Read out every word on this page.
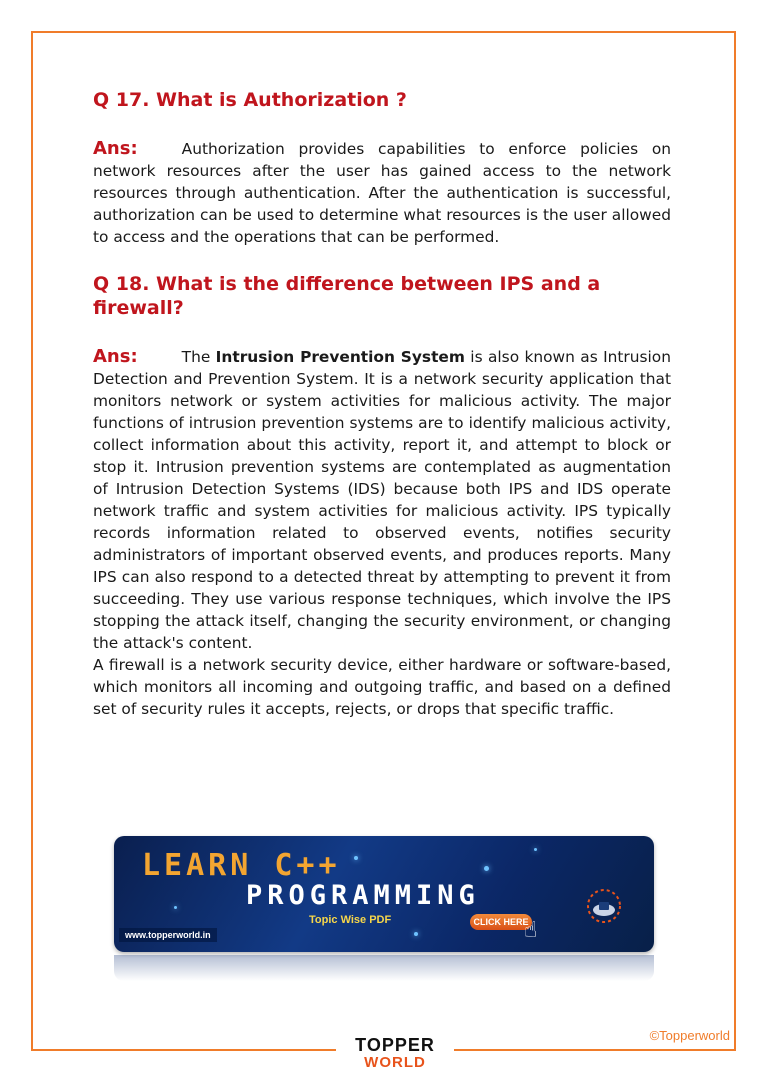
Q 17. What is Authorization ?

Ans:	Authorization provides capabilities to enforce policies on network resources after the user has gained access to the network resources through authentication. After the authentication is successful, authorization can be used to determine what resources is the user allowed to access and the operations that can be performed.

Q 18. What is the difference between IPS and a firewall?

Ans:	The Intrusion Prevention System is also known as Intrusion Detection and Prevention System. It is a network security application that monitors network or system activities for malicious activity. The major functions of intrusion prevention systems are to identify malicious activity, collect information about this activity, report it, and attempt to block or stop it. Intrusion prevention systems are contemplated as augmentation of Intrusion Detection Systems (IDS) because both IPS and IDS operate network traffic and system activities for malicious activity. IPS typically records information related to observed events, notifies security administrators of important observed events, and produces reports. Many IPS can also respond to a detected threat by attempting to prevent it from succeeding. They use various response techniques, which involve the IPS stopping the attack itself, changing the security environment, or changing the attack's content.

A firewall is a network security device, either hardware or software-based, which monitors all incoming and outgoing traffic, and based on a defined set of security rules it accepts, rejects, or drops that specific traffic.

LEARN C++
PROGRAMMING
Topic Wise PDF
www.topperworld.in
CLICK HERE
☝
©Topperworld
TOPPER
WORLD
